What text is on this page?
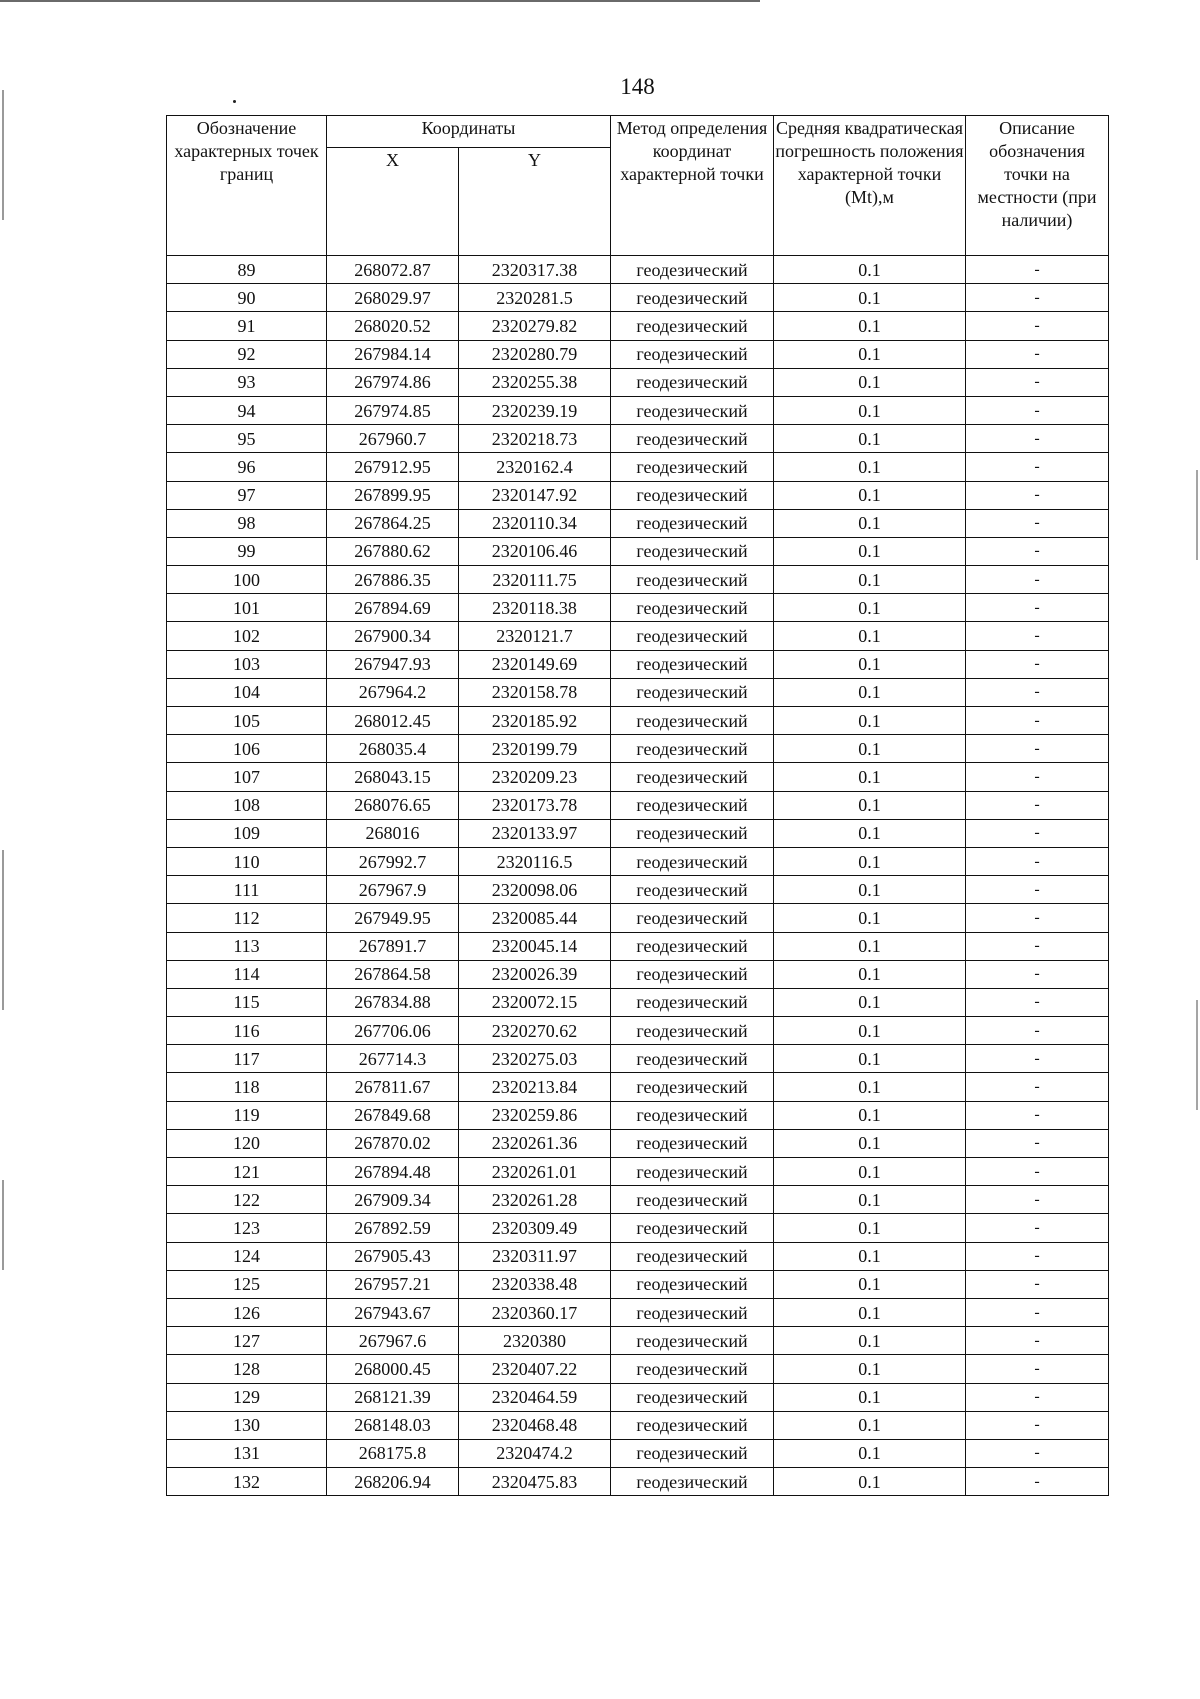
148
Обозначение характерных точек границ	Координаты		Метод определения координат характерной точки	Средняя квадратическая погрешность положения характерной точки (Mt),м	Описание обозначения точки на местности (при наличии)
	X	Y			
89	268072.87	2320317.38	геодезический	0.1	-
90	268029.97	2320281.5	геодезический	0.1	-
91	268020.52	2320279.82	геодезический	0.1	-
92	267984.14	2320280.79	геодезический	0.1	-
93	267974.86	2320255.38	геодезический	0.1	-
94	267974.85	2320239.19	геодезический	0.1	-
95	267960.7	2320218.73	геодезический	0.1	-
96	267912.95	2320162.4	геодезический	0.1	-
97	267899.95	2320147.92	геодезический	0.1	-
98	267864.25	2320110.34	геодезический	0.1	-
99	267880.62	2320106.46	геодезический	0.1	-
100	267886.35	2320111.75	геодезический	0.1	-
101	267894.69	2320118.38	геодезический	0.1	-
102	267900.34	2320121.7	геодезический	0.1	-
103	267947.93	2320149.69	геодезический	0.1	-
104	267964.2	2320158.78	геодезический	0.1	-
105	268012.45	2320185.92	геодезический	0.1	-
106	268035.4	2320199.79	геодезический	0.1	-
107	268043.15	2320209.23	геодезический	0.1	-
108	268076.65	2320173.78	геодезический	0.1	-
109	268016	2320133.97	геодезический	0.1	-
110	267992.7	2320116.5	геодезический	0.1	-
111	267967.9	2320098.06	геодезический	0.1	-
112	267949.95	2320085.44	геодезический	0.1	-
113	267891.7	2320045.14	геодезический	0.1	-
114	267864.58	2320026.39	геодезический	0.1	-
115	267834.88	2320072.15	геодезический	0.1	-
116	267706.06	2320270.62	геодезический	0.1	-
117	267714.3	2320275.03	геодезический	0.1	-
118	267811.67	2320213.84	геодезический	0.1	-
119	267849.68	2320259.86	геодезический	0.1	-
120	267870.02	2320261.36	геодезический	0.1	-
121	267894.48	2320261.01	геодезический	0.1	-
122	267909.34	2320261.28	геодезический	0.1	-
123	267892.59	2320309.49	геодезический	0.1	-
124	267905.43	2320311.97	геодезический	0.1	-
125	267957.21	2320338.48	геодезический	0.1	-
126	267943.67	2320360.17	геодезический	0.1	-
127	267967.6	2320380	геодезический	0.1	-
128	268000.45	2320407.22	геодезический	0.1	-
129	268121.39	2320464.59	геодезический	0.1	-
130	268148.03	2320468.48	геодезический	0.1	-
131	268175.8	2320474.2	геодезический	0.1	-
132	268206.94	2320475.83	геодезический	0.1	-
